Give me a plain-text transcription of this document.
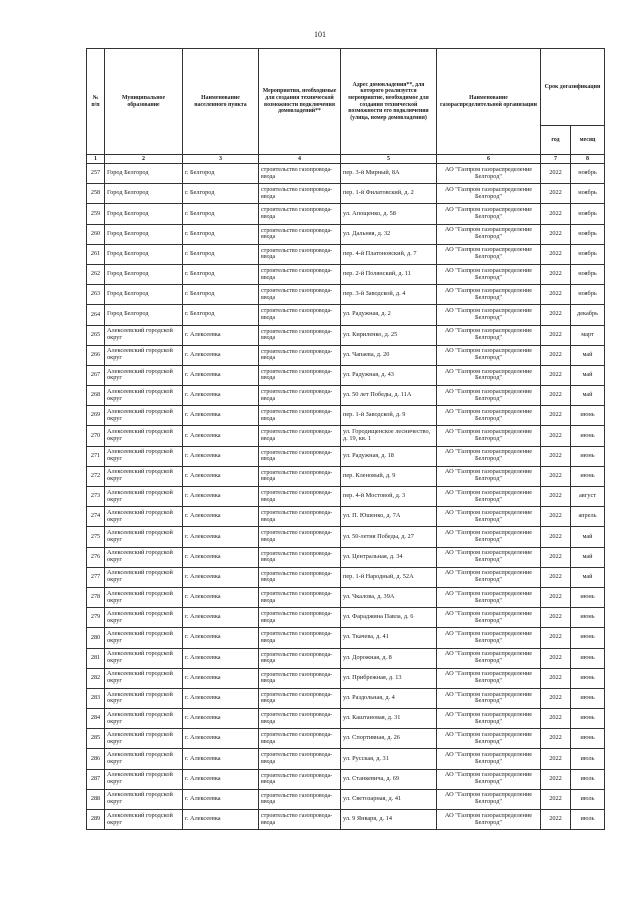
101
№
п/п	Муниципальное образование	Наименование населенного пункта	Мероприятия, необходимые для создания технической возможности подключения домовладений**	Адрес домовладения**, для которого реализуется мероприятие, необходимое для создания технической возможности его подключения (улица, номер домовладения)	Наименование газораспределительной организации	Срок догазификации	
						год	месяц
1	2	3	4	5	6	7	8
257	Город Белгород	г. Белгород	строительство газопровода-ввода	пер. 3-й Мирный, 8А	АО "Газпром газораспределение Белгород"	2022	ноябрь
258	Город Белгород	г. Белгород	строительство газопровода-ввода	пер. 1-й Филатовский, д. 2	АО "Газпром газораспределение Белгород"	2022	ноябрь
259	Город Белгород	г. Белгород	строительство газопровода-ввода	ул. Апощенко, д. 58	АО "Газпром газораспределение Белгород"	2022	ноябрь
260	Город Белгород	г. Белгород	строительство газопровода-ввода	ул. Дальняя, д. 32	АО "Газпром газораспределение Белгород"	2022	ноябрь
261	Город Белгород	г. Белгород	строительство газопровода-ввода	пер. 4-й Платоновский, д. 7	АО "Газпром газораспределение Белгород"	2022	ноябрь
262	Город Белгород	г. Белгород	строительство газопровода-ввода	пер. 2-й Полянский, д. 11	АО "Газпром газораспределение Белгород"	2022	ноябрь
263	Город Белгород	г. Белгород	строительство газопровода-ввода	пер. 3-й Заводской, д. 4	АО "Газпром газораспределение Белгород"	2022	ноябрь
264	Город Белгород	г. Белгород	строительство газопровода-ввода	ул. Радужная, д. 2	АО "Газпром газораспределение Белгород"	2022	декабрь
265	Алексеевский городской округ	г. Алексеевка	строительство газопровода-ввода	ул. Кириленко, д. 25	АО "Газпром газораспределение Белгород"	2022	март
266	Алексеевский городской округ	г. Алексеевка	строительство газопровода-ввода	ул. Чапаева, д. 20	АО "Газпром газораспределение Белгород"	2022	май
267	Алексеевский городской округ	г. Алексеевка	строительство газопровода-ввода	ул. Радужная, д. 43	АО "Газпром газораспределение Белгород"	2022	май
268	Алексеевский городской округ	г. Алексеевка	строительство газопровода-ввода	ул. 50 лет Победы, д. 11А	АО "Газпром газораспределение Белгород"	2022	май
269	Алексеевский городской округ	г. Алексеевка	строительство газопровода-ввода	пер. 1-й Заводской, д. 9	АО "Газпром газораспределение Белгород"	2022	июнь
270	Алексеевский городской округ	г. Алексеевка	строительство газопровода-ввода	ул. Городищенское лесничество, д. 19, кв. 1	АО "Газпром газораспределение Белгород"	2022	июнь
271	Алексеевский городской округ	г. Алексеевка	строительство газопровода-ввода	ул. Радужная, д. 18	АО "Газпром газораспределение Белгород"	2022	июнь
272	Алексеевский городской округ	г. Алексеевка	строительство газопровода-ввода	пер. Кленовый, д. 9	АО "Газпром газораспределение Белгород"	2022	июнь
273	Алексеевский городской округ	г. Алексеевка	строительство газопровода-ввода	пер. 4-й Мостовой, д. 3	АО "Газпром газораспределение Белгород"	2022	август
274	Алексеевский городской округ	г. Алексеевка	строительство газопровода-ввода	ул. П. Юшенко, д. 7А	АО "Газпром газораспределение Белгород"	2022	апрель
275	Алексеевский городской округ	г. Алексеевка	строительство газопровода-ввода	ул. 50-летия Победы, д. 27	АО "Газпром газораспределение Белгород"	2022	май
276	Алексеевский городской округ	г. Алексеевка	строительство газопровода-ввода	ул. Центральная, д. 34	АО "Газпром газораспределение Белгород"	2022	май
277	Алексеевский городской округ	г. Алексеевка	строительство газопровода-ввода	пер. 1-й Народный, д. 52А	АО "Газпром газораспределение Белгород"	2022	май
278	Алексеевский городской округ	г. Алексеевка	строительство газопровода-ввода	ул. Чкалова, д. 39А	АО "Газпром газораспределение Белгород"	2022	июнь
279	Алексеевский городской округ	г. Алексеевка	строительство газопровода-ввода	ул. Фараджина Павла, д. 6	АО "Газпром газораспределение Белгород"	2022	июнь
280	Алексеевский городской округ	г. Алексеевка	строительство газопровода-ввода	ул. Ткачева, д. 41	АО "Газпром газораспределение Белгород"	2022	июнь
281	Алексеевский городской округ	г. Алексеевка	строительство газопровода-ввода	ул. Дорожная, д. 8	АО "Газпром газораспределение Белгород"	2022	июнь
282	Алексеевский городской округ	г. Алексеевка	строительство газопровода-ввода	ул. Прибрежная, д. 13	АО "Газпром газораспределение Белгород"	2022	июнь
283	Алексеевский городской округ	г. Алексеевка	строительство газопровода-ввода	ул. Раздольная, д. 4	АО "Газпром газораспределение Белгород"	2022	июнь
284	Алексеевский городской округ	г. Алексеевка	строительство газопровода-ввода	ул. Каштановая, д. 31	АО "Газпром газораспределение Белгород"	2022	июнь
285	Алексеевский городской округ	г. Алексеевка	строительство газопровода-ввода	ул. Спортивная, д. 26	АО "Газпром газораспределение Белгород"	2022	июнь
286	Алексеевский городской округ	г. Алексеевка	строительство газопровода-ввода	ул. Русская, д. 31	АО "Газпром газораспределение Белгород"	2022	июль
287	Алексеевский городской округ	г. Алексеевка	строительство газопровода-ввода	ул. Станкевича, д. 69	АО "Газпром газораспределение Белгород"	2022	июль
288	Алексеевский городской округ	г. Алексеевка	строительство газопровода-ввода	ул. Светозарная, д. 41	АО "Газпром газораспределение Белгород"	2022	июль
289	Алексеевский городской округ	г. Алексеевка	строительство газопровода-ввода	ул. 9 Января, д. 14	АО "Газпром газораспределение Белгород"	2022	июль
